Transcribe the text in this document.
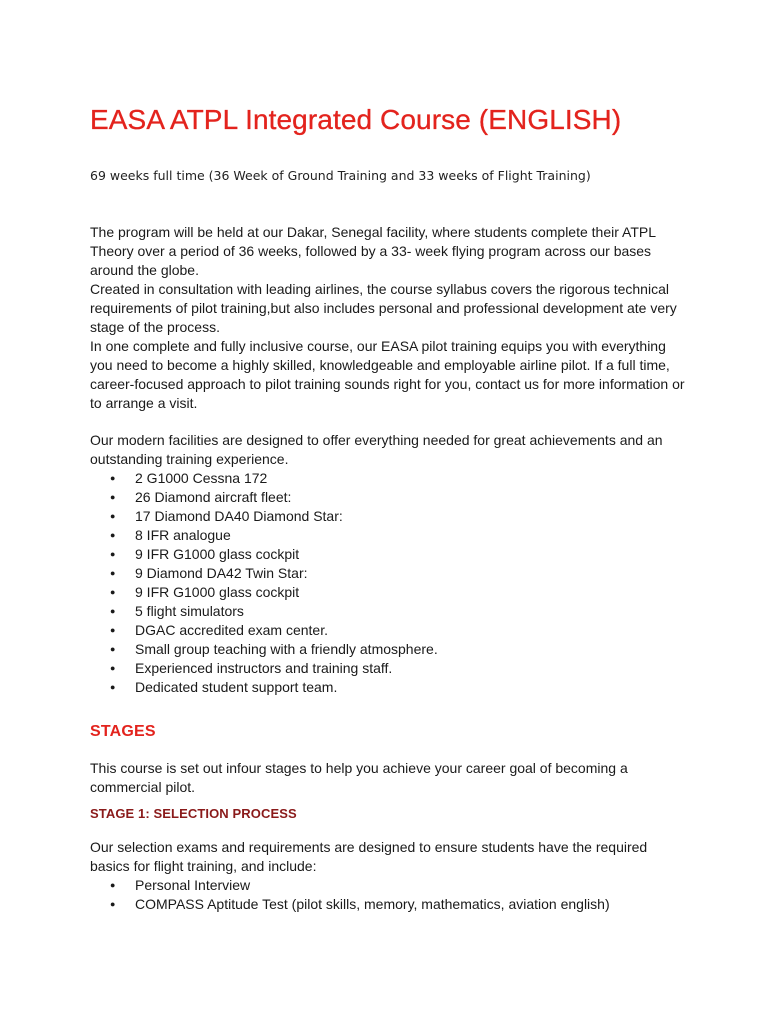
EASA ATPL Integrated Course (ENGLISH)

69 weeks full time (36 Week of Ground Training and 33 weeks of Flight Training)

The program will be held at our Dakar, Senegal facility, where students complete their ATPL

Theory over a period of 36 weeks, followed by a 33- week flying program across our bases

around the globe.

Created in consultation with leading airlines, the course syllabus covers the rigorous technical

requirements of pilot training,but also includes personal and professional development ate very

stage of the process.

In one complete and fully inclusive course, our EASA pilot training equips you with everything

you need to become a highly skilled, knowledgeable and employable airline pilot. If a full time,

career-focused approach to pilot training sounds right for you, contact us for more information or

to arrange a visit.

Our modern facilities are designed to offer everything needed for great achievements and an

outstanding training experience.

● 2 G1000 Cessna 172
● 26 Diamond aircraft fleet:
● 17 Diamond DA40 Diamond Star:
● 8 IFR analogue
● 9 IFR G1000 glass cockpit
● 9 Diamond DA42 Twin Star:
● 9 IFR G1000 glass cockpit
● 5 flight simulators
● DGAC accredited exam center.
● Small group teaching with a friendly atmosphere.
● Experienced instructors and training staff.
● Dedicated student support team.
STAGES
This course is set out infour stages to help you achieve your career goal of becoming a
commercial pilot.
STAGE 1: SELECTION PROCESS

Our selection exams and requirements are designed to ensure students have the required

basics for flight training, and include:

● Personal Interview
● COMPASS Aptitude Test (pilot skills, memory, mathematics, aviation english)
